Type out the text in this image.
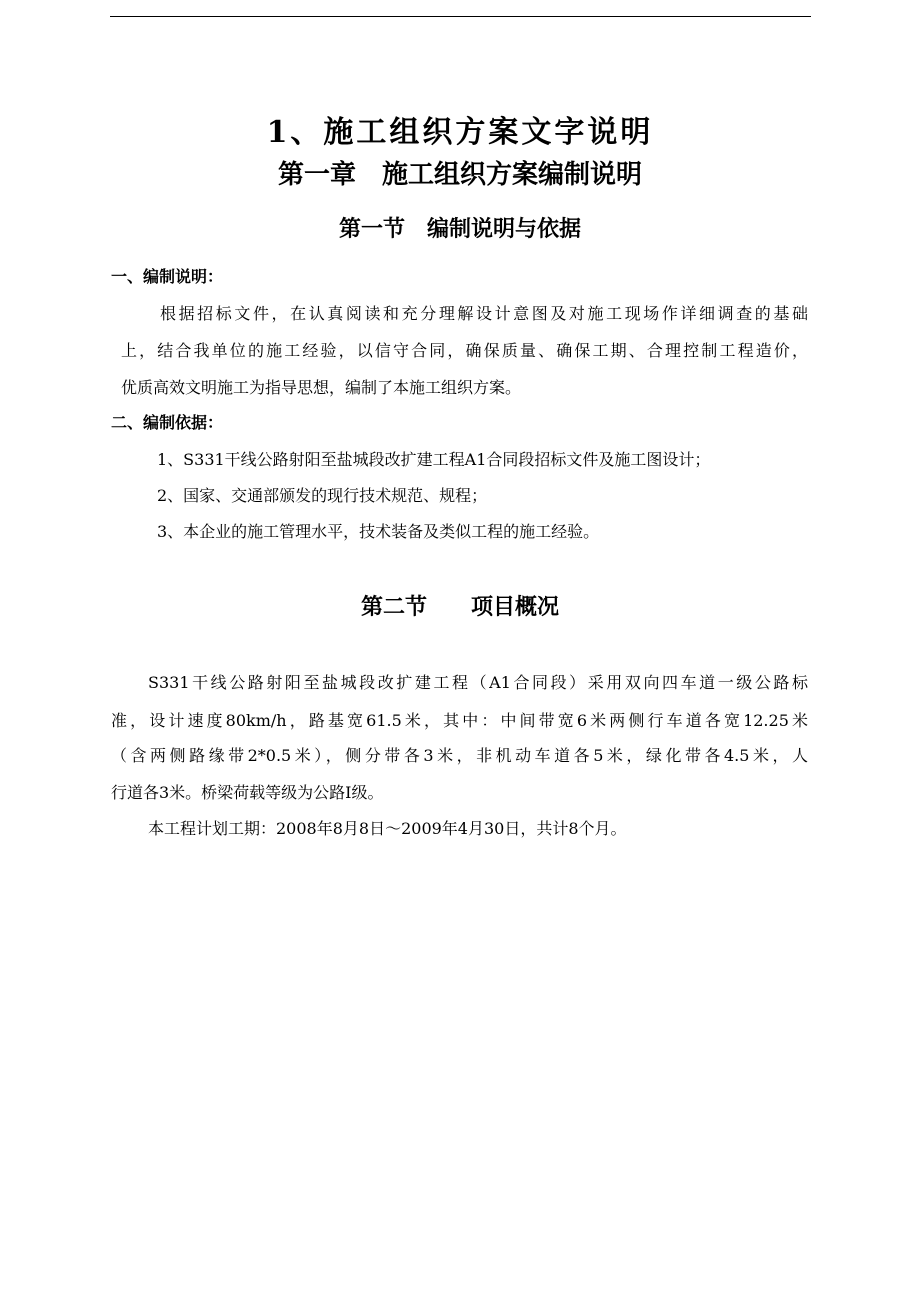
1、施工组织方案文字说明
第一章　施工组织方案编制说明
第一节　编制说明与依据
一、编制说明：
根据招标文件，在认真阅读和充分理解设计意图及对施工现场作详细调查的基础
上，结合我单位的施工经验，以信守合同，确保质量、确保工期、合理控制工程造价，
优质高效文明施工为指导思想，编制了本施工组织方案。
二、编制依据：
1、S331干线公路射阳至盐城段改扩建工程A1合同段招标文件及施工图设计；
2、国家、交通部颁发的现行技术规范、规程；
3、本企业的施工管理水平，技术装备及类似工程的施工经验。
第二节　　项目概况
S331干线公路射阳至盐城段改扩建工程（A1合同段）采用双向四车道一级公路标
准，设计速度80km/h，路基宽61.5米，其中：中间带宽6米两侧行车道各宽12.25米
（含两侧路缘带2*0.5米），侧分带各3米，非机动车道各5米，绿化带各4.5米，人
行道各3米。桥梁荷载等级为公路Ⅰ级。
本工程计划工期：2008年8月8日～2009年4月30日，共计8个月。
